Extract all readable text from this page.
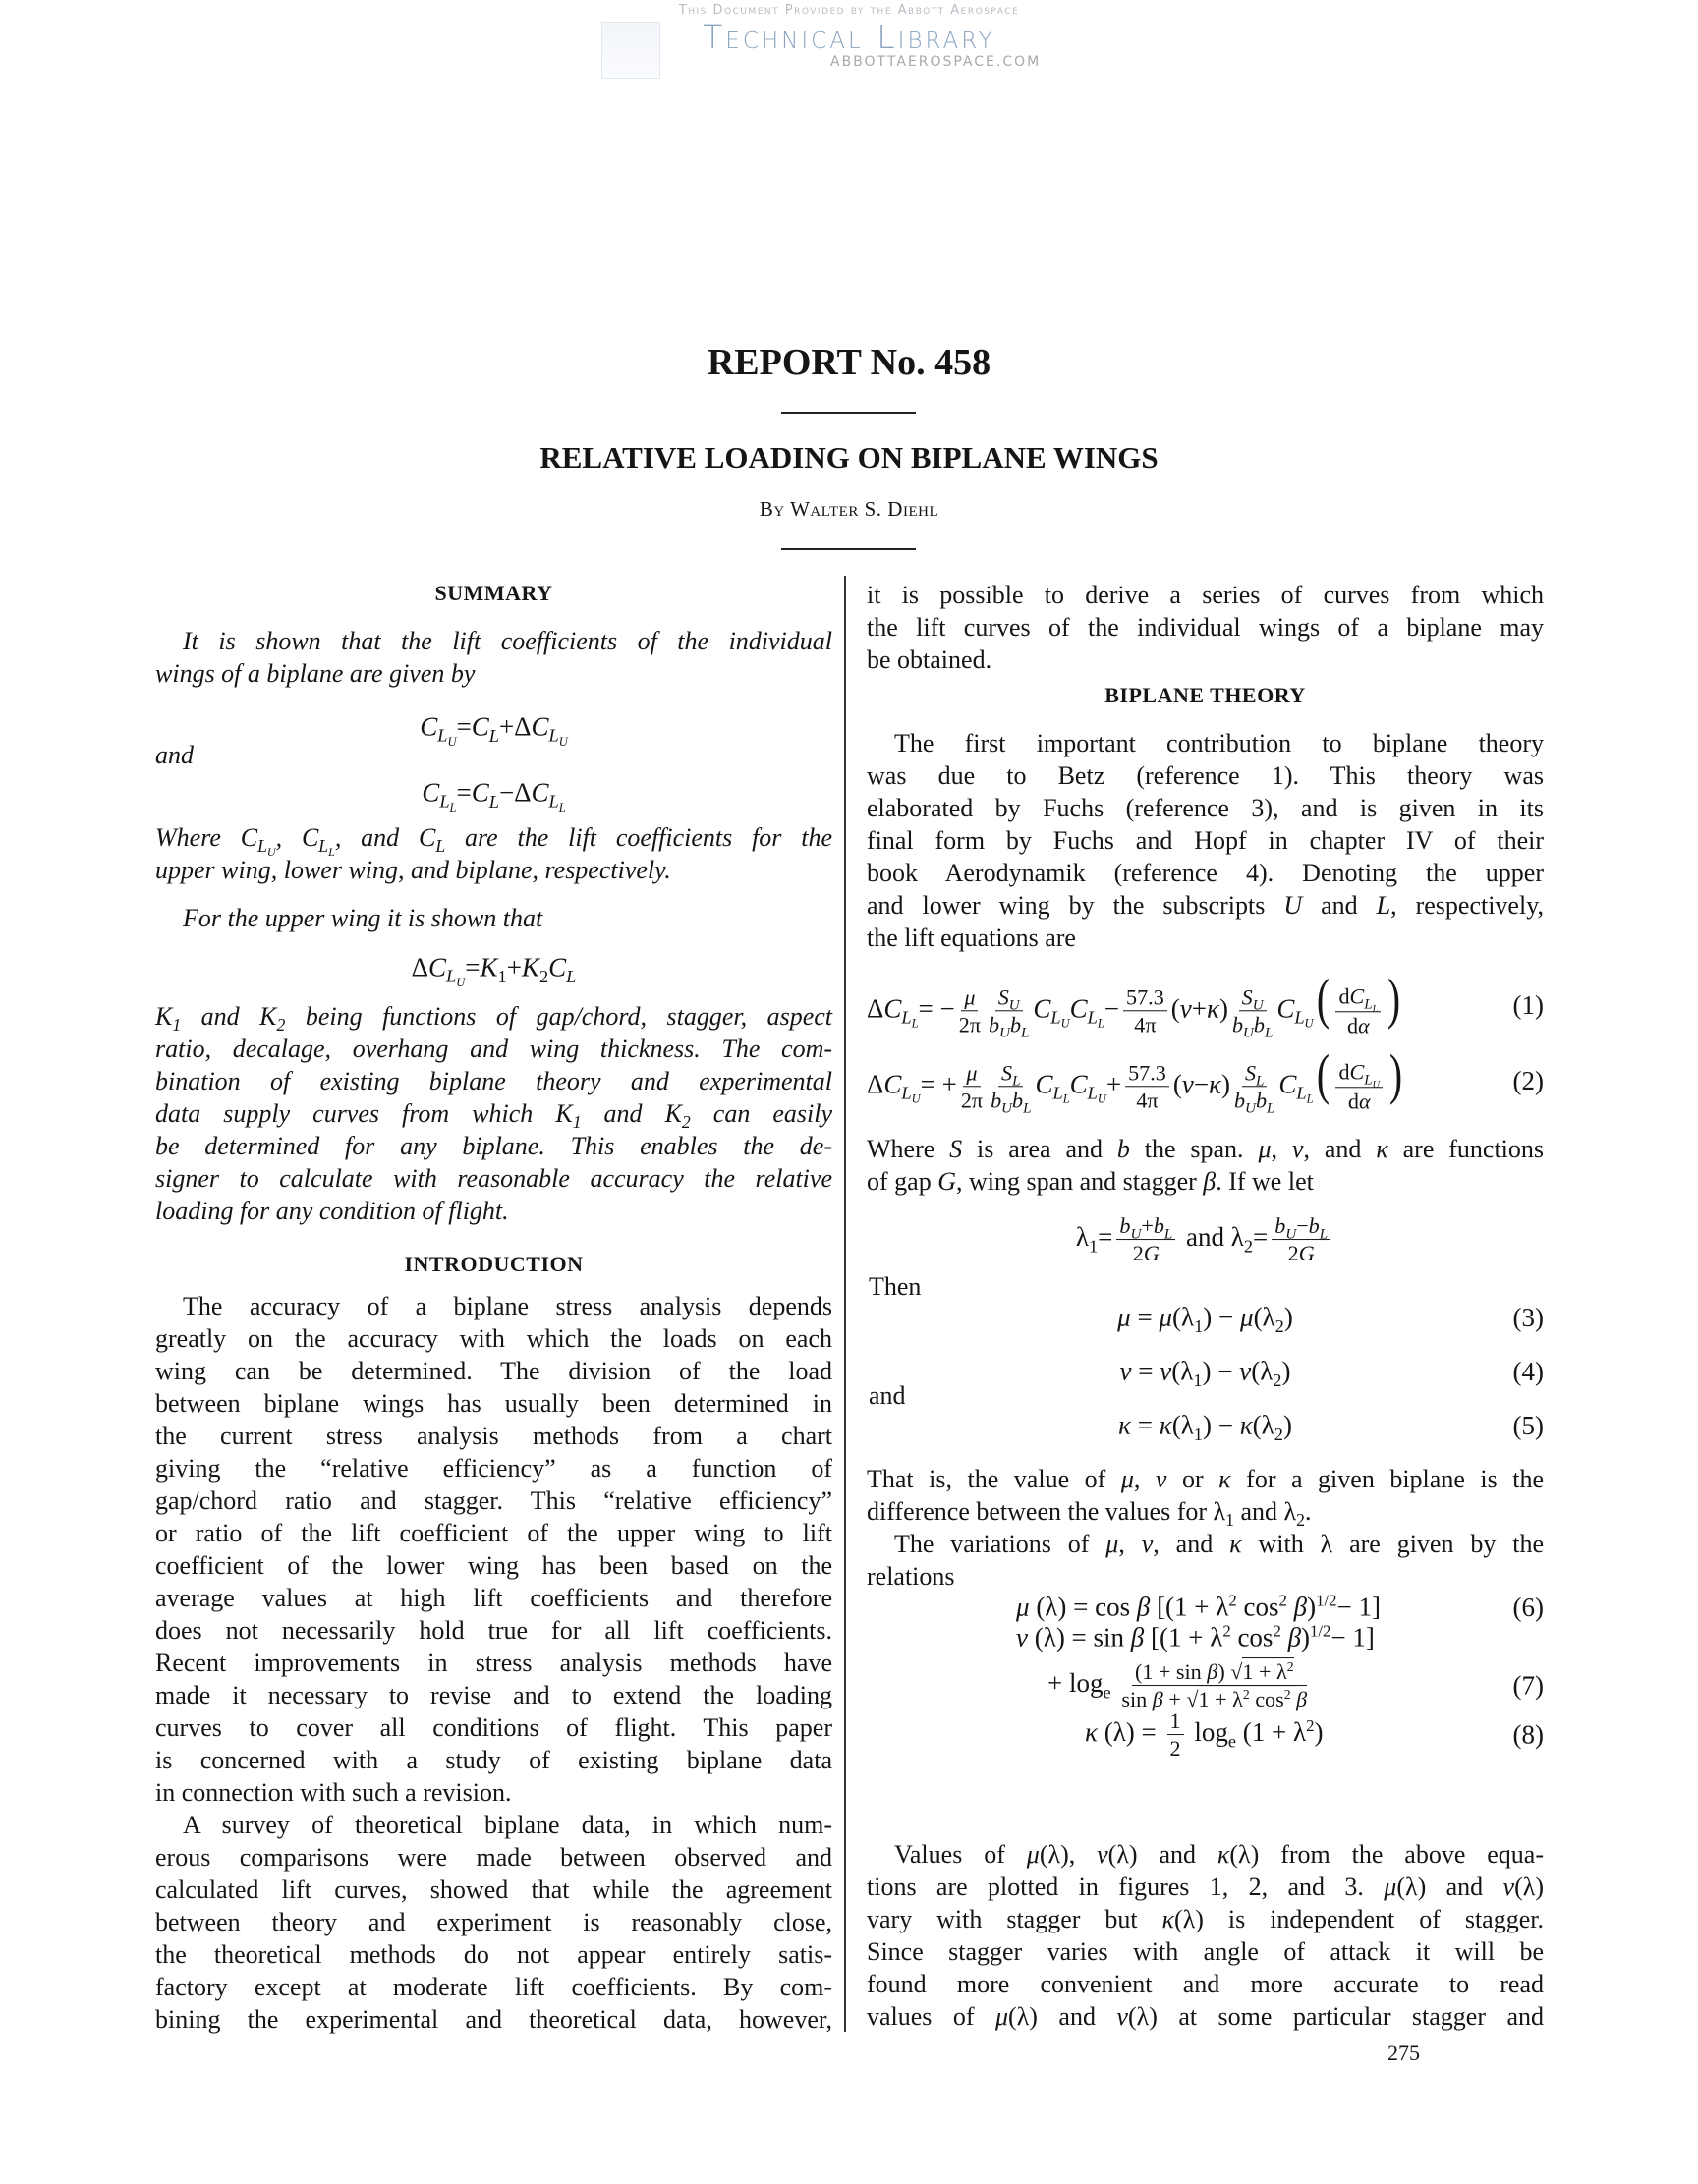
This Document Provided by the Abbott Aerospace
Technical Library
ABBOTTAEROSPACE.COM
REPORT No. 458
RELATIVE LOADING ON BIPLANE WINGS
By Walter S. Diehl
SUMMARY
It is shown that the lift coefficients of the individual
wings of a biplane are given by
$C_{L_U}=C_L+\Delta C_{L_U}$
and
$C_{L_L}=C_L-\Delta C_{L_L}$
Where $C_{L_U}$, $C_{L_L}$, and $C_L$ are the lift coefficients for the
upper wing, lower wing, and biplane, respectively.
For the upper wing it is shown that
$\Delta C_{L_U}=K_1+K_2C_L$
$K_1$ and $K_2$ being functions of gap/chord, stagger, aspect
ratio, decalage, overhang and wing thickness. The com-
bination of existing biplane theory and experimental
data supply curves from which $K_1$ and $K_2$ can easily
be determined for any biplane. This enables the de-
signer to calculate with reasonable accuracy the relative
loading for any condition of flight.
INTRODUCTION
The accuracy of a biplane stress analysis depends
greatly on the accuracy with which the loads on each
wing can be determined. The division of the load
between biplane wings has usually been determined in
the current stress analysis methods from a chart
giving the “relative efficiency” as a function of
gap/chord ratio and stagger. This “relative efficiency”
or ratio of the lift coefficient of the upper wing to lift
coefficient of the lower wing has been based on the
average values at high lift coefficients and therefore
does not necessarily hold true for all lift coefficients.
Recent improvements in stress analysis methods have
made it necessary to revise and to extend the loading
curves to cover all conditions of flight. This paper
is concerned with a study of existing biplane data
in connection with such a revision.
A survey of theoretical biplane data, in which num-
erous comparisons were made between observed and
calculated lift curves, showed that while the agreement
between theory and experiment is reasonably close,
the theoretical methods do not appear entirely satis-
factory except at moderate lift coefficients. By com-
bining the experimental and theoretical data, however,
it is possible to derive a series of curves from which
the lift curves of the individual wings of a biplane may
be obtained.
BIPLANE THEORY
The first important contribution to biplane theory
was due to Betz (reference 1). This theory was
elaborated by Fuchs (reference 3), and is given in its
final form by Fuchs and Hopf in chapter IV of their
book Aerodynamik (reference 4). Denoting the upper
and lower wing by the subscripts U and L, respectively,
the lift equations are
$\Delta C_{L_L}= - \frac{\mu}{2\pi} \frac{S_U}{b_Ub_L} C_{L_U}C_{L_L}- \frac{57.3}{4\pi} (\nu+\kappa) \frac{S_U}{b_Ub_L} C_{L_U}( \frac{dC_{L_L}}{d\alpha}$ )	(1)
$\Delta C_{L_U}= + \frac{\mu}{2\pi} \frac{S_L}{b_Ub_L} C_{L_L}C_{L_U}+ \frac{57.3}{4\pi} (\nu-\kappa) \frac{S_L}{b_Ub_L} C_{L_L}( \frac{dC_{L_U}}{d\alpha}$ )	(2)
Where S is area and b the span. μ, ν, and κ are functions
of gap G, wing span and stagger β. If we let
$\lambda_1= \frac{b_U+b_L}{2G}$ and $\lambda_2= \frac{b_U-b_L}{2G}$
Then
$\mu = \mu(\lambda_1) - \mu(\lambda_2)$	(3)
$\nu = \nu(\lambda_1) - \nu(\lambda_2)$	(4)
and
$\kappa = \kappa(\lambda_1) - \kappa(\lambda_2)$	(5)
That is, the value of μ, ν or κ for a given biplane is the
difference between the values for $\lambda_1$ and $\lambda_2$.
The variations of μ, ν, and κ with λ are given by the
relations
μ (λ) = cos β [($1 + \lambda^2$ $\cos^2 \beta)^{1/2}- 1$]	(6)
ν (λ) = sin β [($1 + \lambda^2$ $\cos^2 \beta)^{1/2}- 1$]
+ $\log_e \frac{(1 + \sin \beta) √1 + \lambda^2}{\sin \beta + √1 + \lambda^2 \cos^2 \beta}$	(7)
κ $(\lambda) = \frac{1}{2} \log_e (1 + \lambda^2)$	(8)
Values of μ(λ), ν(λ) and κ(λ) from the above equa-
tions are plotted in figures 1, 2, and 3. μ(λ) and ν(λ)
vary with stagger but κ(λ) is independent of stagger.
Since stagger varies with angle of attack it will be
found more convenient and more accurate to read
values of μ(λ) and ν(λ) at some particular stagger and
275
